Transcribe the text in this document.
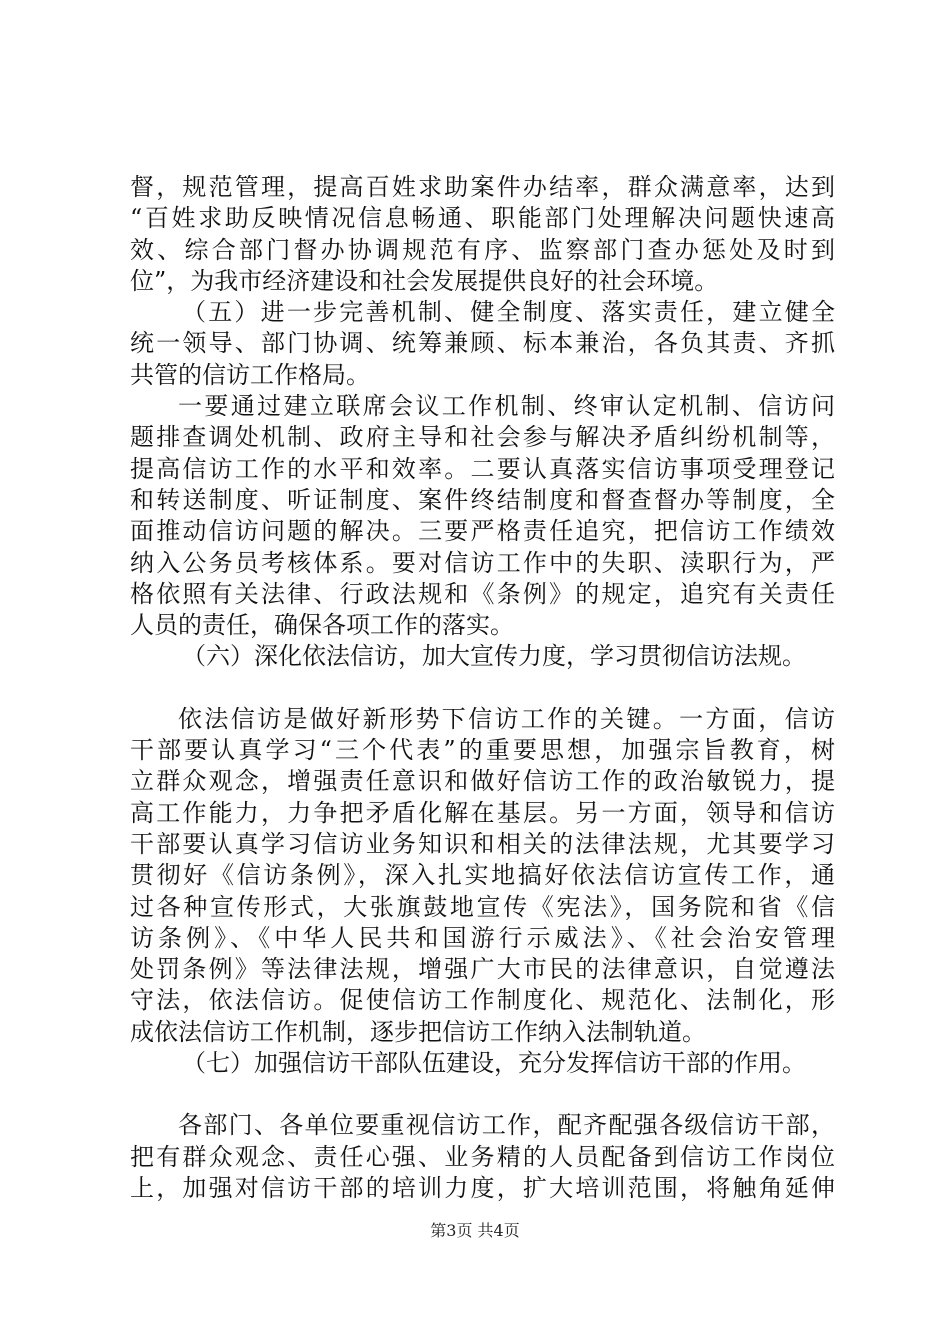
督，规范管理，提高百姓求助案件办结率，群众满意率，达到
“百姓求助反映情况信息畅通、职能部门处理解决问题快速高
效、综合部门督办协调规范有序、监察部门查办惩处及时到
位”，为我市经济建设和社会发展提供良好的社会环境。
（五）进一步完善机制、健全制度、落实责任，建立健全
统一领导、部门协调、统筹兼顾、标本兼治，各负其责、齐抓
共管的信访工作格局。
一要通过建立联席会议工作机制、终审认定机制、信访问
题排查调处机制、政府主导和社会参与解决矛盾纠纷机制等，
提高信访工作的水平和效率。二要认真落实信访事项受理登记
和转送制度、听证制度、案件终结制度和督查督办等制度，全
面推动信访问题的解决。三要严格责任追究，把信访工作绩效
纳入公务员考核体系。要对信访工作中的失职、渎职行为，严
格依照有关法律、行政法规和《条例》的规定，追究有关责任
人员的责任，确保各项工作的落实。
（六）深化依法信访，加大宣传力度，学习贯彻信访法规。
依法信访是做好新形势下信访工作的关键。一方面，信访
干部要认真学习“三个代表”的重要思想，加强宗旨教育，树
立群众观念，增强责任意识和做好信访工作的政治敏锐力，提
高工作能力，力争把矛盾化解在基层。另一方面，领导和信访
干部要认真学习信访业务知识和相关的法律法规，尤其要学习
贯彻好《信访条例》，深入扎实地搞好依法信访宣传工作，通
过各种宣传形式，大张旗鼓地宣传《宪法》，国务院和省《信
访条例》、《中华人民共和国游行示威法》、《社会治安管理
处罚条例》等法律法规，增强广大市民的法律意识，自觉遵法
守法，依法信访。促使信访工作制度化、规范化、法制化，形
成依法信访工作机制，逐步把信访工作纳入法制轨道。
（七）加强信访干部队伍建设，充分发挥信访干部的作用。
各部门、各单位要重视信访工作，配齐配强各级信访干部，
把有群众观念、责任心强、业务精的人员配备到信访工作岗位
上，加强对信访干部的培训力度，扩大培训范围，将触角延伸
第3页 共4页
